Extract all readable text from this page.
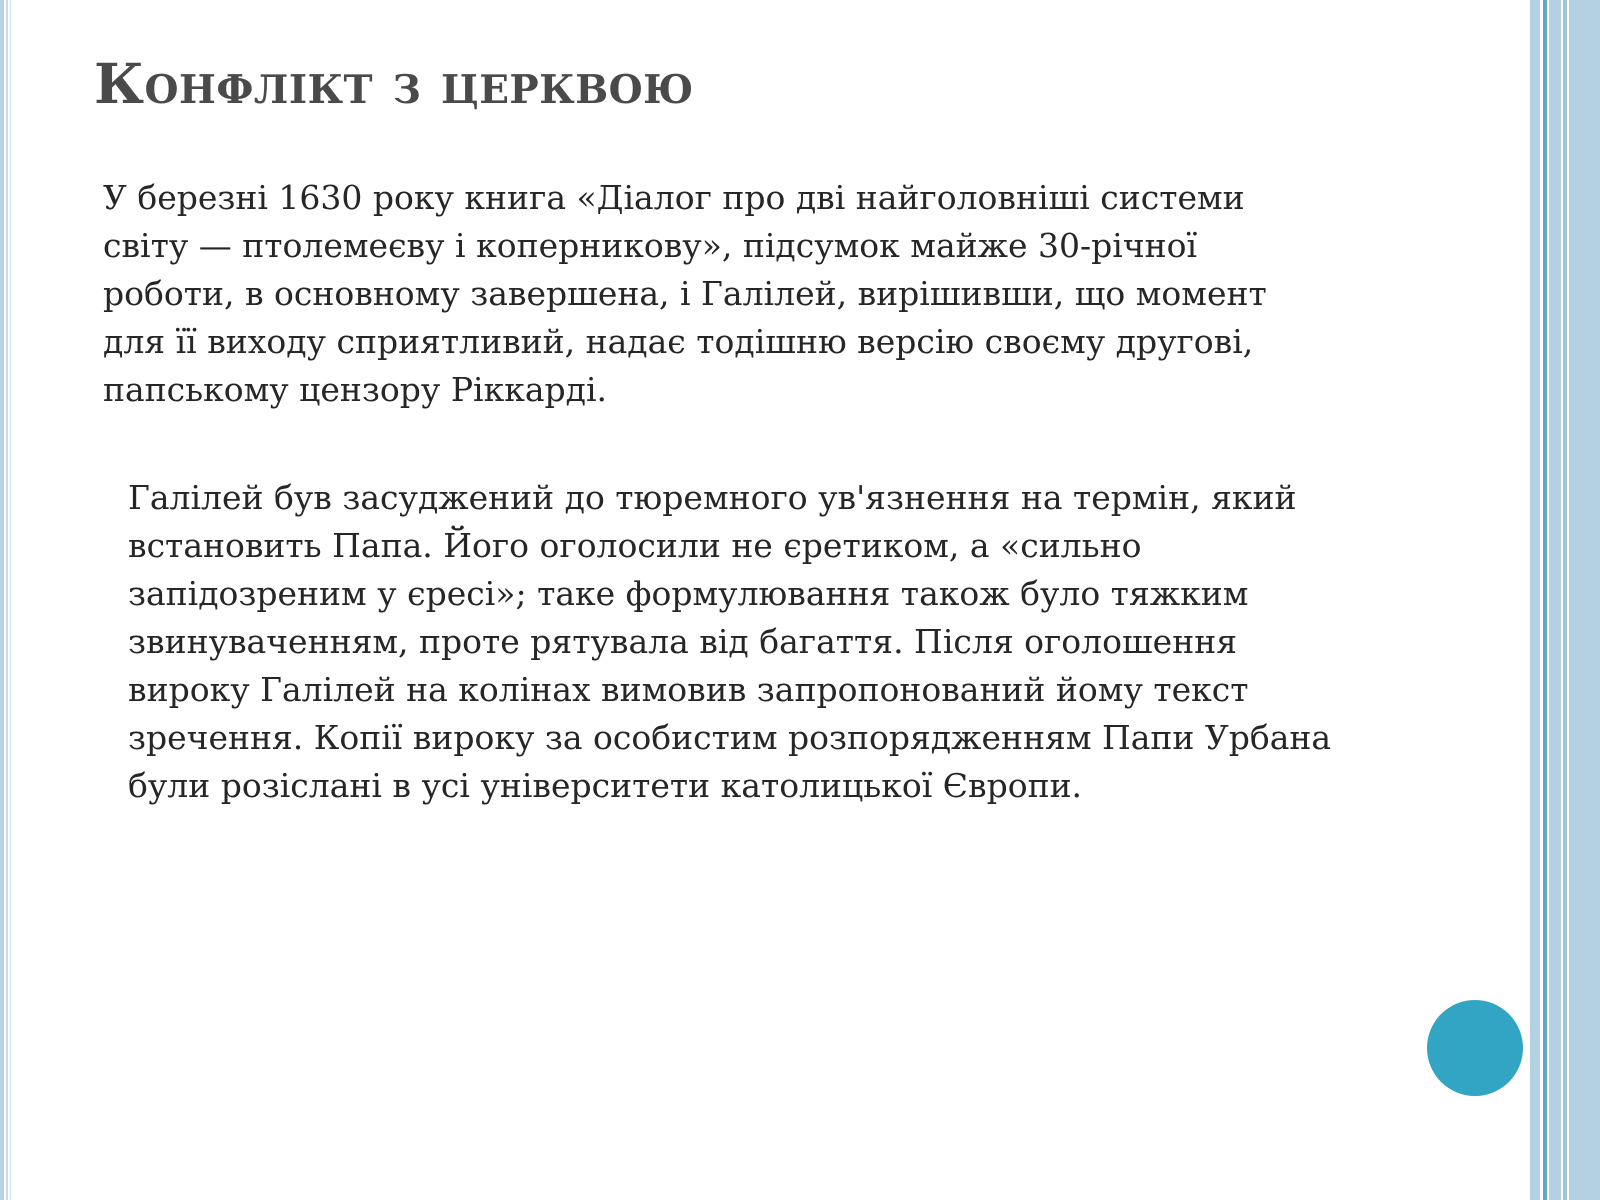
Конфлікт з церквою

У березні 1630 року книга «Діалог про дві найголовніші системи
світу — птолемеєву і коперникову», підсумок майже 30-річної
роботи, в основному завершена, і Галілей, вирішивши, що момент
для її виходу сприятливий, надає тодішню версію своєму другові,
папському цензору Ріккарді.

Галілей був засуджений до тюремного ув'язнення на термін, який
встановить Папа. Його оголосили не єретиком, а «сильно
запідозреним у єресі»; таке формулювання також було тяжким
звинуваченням, проте рятувала від багаття. Після оголошення
вироку Галілей на колінах вимовив запропонований йому текст
зречення. Копії вироку за особистим розпорядженням Папи Урбана
були розіслані в усі університети католицької Європи.
